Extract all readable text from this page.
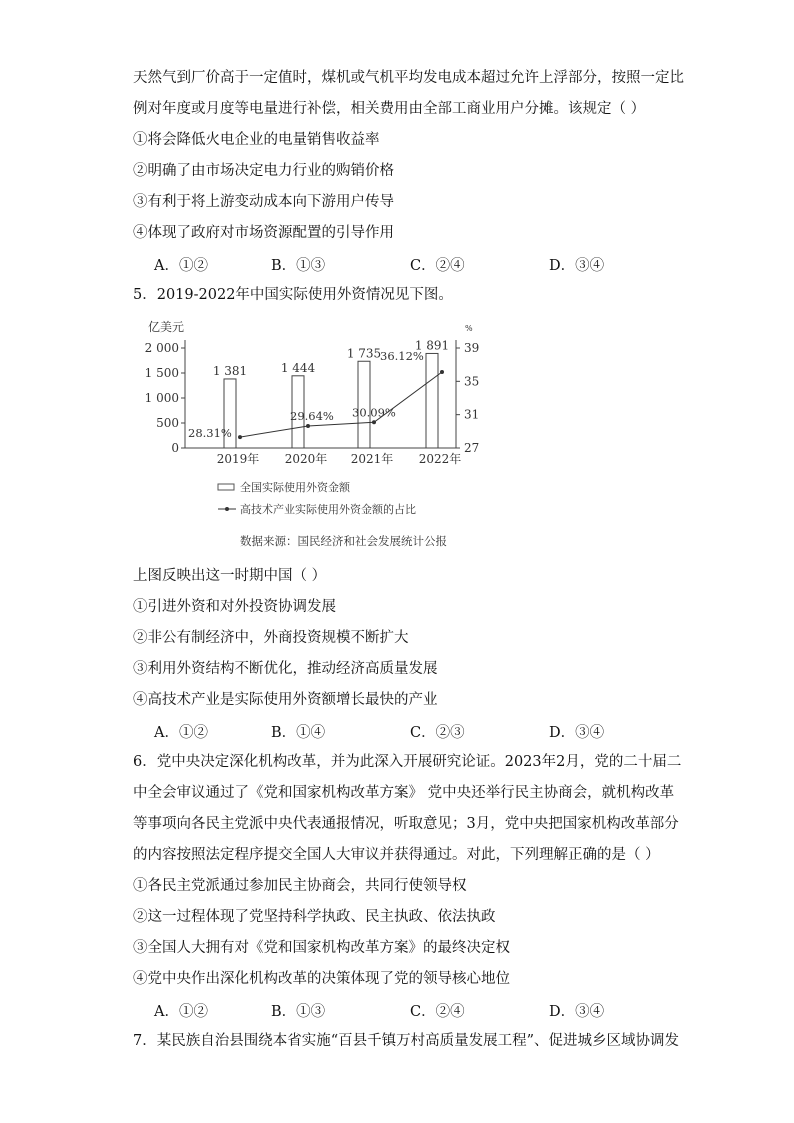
天然气到厂价高于一定值时，煤机或气机平均发电成本超过允许上浮部分，按照一定比
例对年度或月度等电量进行补偿，相关费用由全部工商业用户分摊。该规定（ ）
①将会降低火电企业的电量销售收益率
②明确了由市场决定电力行业的购销价格
③有利于将上游变动成本向下游用户传导
④体现了政府对市场资源配置的引导作用
A．①②	B．①③	C．②④	D．③④
5．2019-2022年中国实际使用外资情况见下图。
亿美元	%
0
500
1 000
1 500
2 000
27
31
35
39
1 381	1 444
1 735
1 891
28.31%
29.64% 30.09%
36.12%
2019年 2020年 2021年 2022年
全国实际使用外资金额
高技术产业实际使用外资金额的占比
数据来源：国民经济和社会发展统计公报
上图反映出这一时期中国（ ）
①引进外资和对外投资协调发展
②非公有制经济中，外商投资规模不断扩大
③利用外资结构不断优化，推动经济高质量发展
④高技术产业是实际使用外资额增长最快的产业
A．①②	B．①④	C．②③	D．③④
6．党中央决定深化机构改革，并为此深入开展研究论证。2023年2月，党的二十届二
中全会审议通过了《党和国家机构改革方案》 党中央还举行民主协商会，就机构改革
等事项向各民主党派中央代表通报情况，听取意见；3月，党中央把国家机构改革部分
的内容按照法定程序提交全国人大审议并获得通过。对此，下列理解正确的是（ ）
①各民主党派通过参加民主协商会，共同行使领导权
②这一过程体现了党坚持科学执政、民主执政、依法执政
③全国人大拥有对《党和国家机构改革方案》的最终决定权
④党中央作出深化机构改革的决策体现了党的领导核心地位
A．①②	B．①③	C．②④	D．③④
7．某民族自治县围绕本省实施“百县千镇万村高质量发展工程”、促进城乡区域协调发
